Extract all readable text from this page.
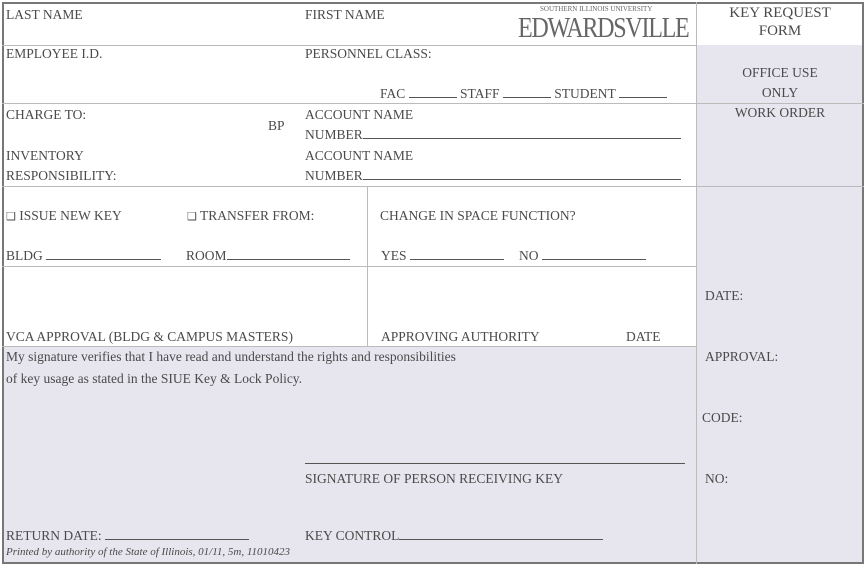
LAST NAME	FIRST NAME	SOUTHERN ILLINOIS UNIVERSITY
EDWARDSVILLE	KEY REQUEST
FORM
EMPLOYEE I.D.	PERSONNEL CLASS:
FAC	STAFF	STUDENT
OFFICE USE
ONLY
WORK ORDER
CHARGE TO:
BP
ACCOUNT NAME
NUMBER
INVENTORY
RESPONSIBILITY:
ACCOUNT NAME
NUMBER
❑ ISSUE NEW KEY	❑ TRANSFER FROM:	CHANGE IN SPACE FUNCTION?
BLDG	ROOM	YES	NO
VCA APPROVAL (BLDG & CAMPUS MASTERS)	APPROVING AUTHORITY	DATE
DATE:
APPROVAL:
CODE:
NO:
My signature verifies that I have read and understand the rights and responsibilities
of key usage as stated in the SIUE Key & Lock Policy.
SIGNATURE OF PERSON RECEIVING KEY
RETURN DATE:	KEY CONTROL
Printed by authority of the State of Illinois, 01/11, 5m, 11010423
